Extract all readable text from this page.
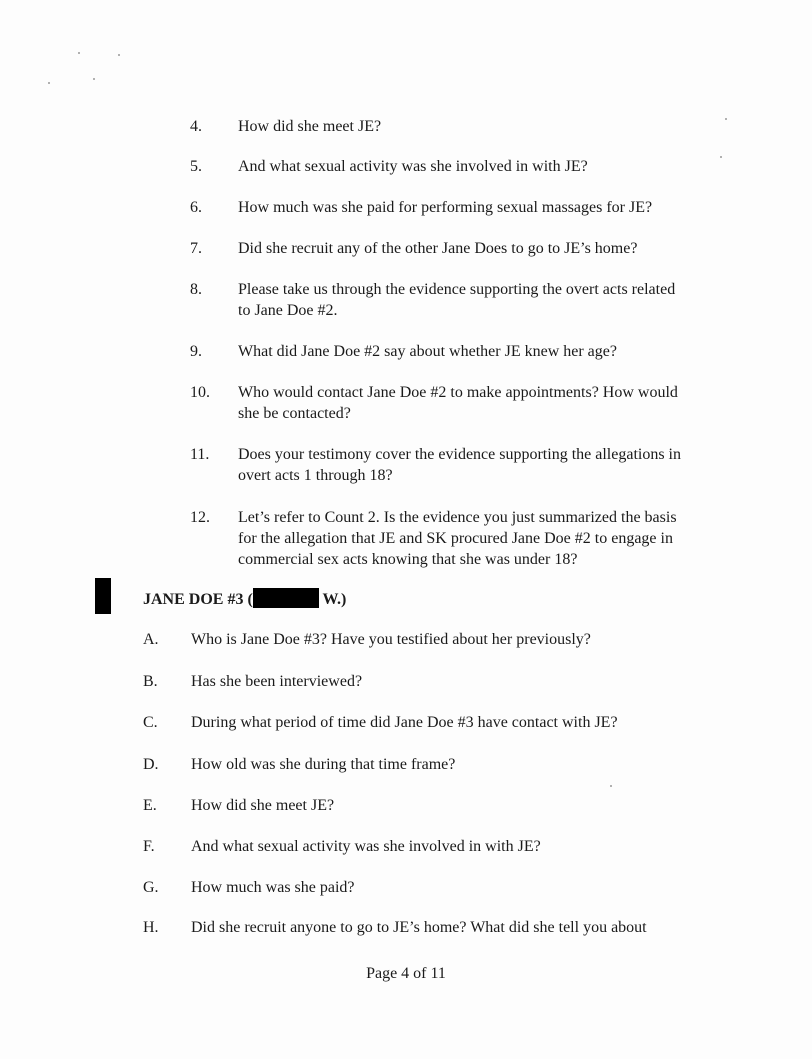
4.	How did she meet JE?
5.	And what sexual activity was she involved in with JE?
6.	How much was she paid for performing sexual massages for JE?
7.	Did she recruit any of the other Jane Does to go to JE’s home?
8.	Please take us through the evidence supporting the overt acts related
to Jane Doe #2.
9.	What did Jane Doe #2 say about whether JE knew her age?
10.	Who would contact Jane Doe #2 to make appointments? How would
she be contacted?
11.	Does your testimony cover the evidence supporting the allegations in
overt acts 1 through 18?
12.	Let’s refer to Count 2. Is the evidence you just summarized the basis
for the allegation that JE and SK procured Jane Doe #2 to engage in
commercial sex acts knowing that she was under 18?
JANE DOE #3 (	W.)
A.	Who is Jane Doe #3? Have you testified about her previously?
B.	Has she been interviewed?
C.	During what period of time did Jane Doe #3 have contact with JE?
D.	How old was she during that time frame?
E.	How did she meet JE?
F.	And what sexual activity was she involved in with JE?
G.	How much was she paid?
H.	Did she recruit anyone to go to JE’s home? What did she tell you about
Page 4 of 11
